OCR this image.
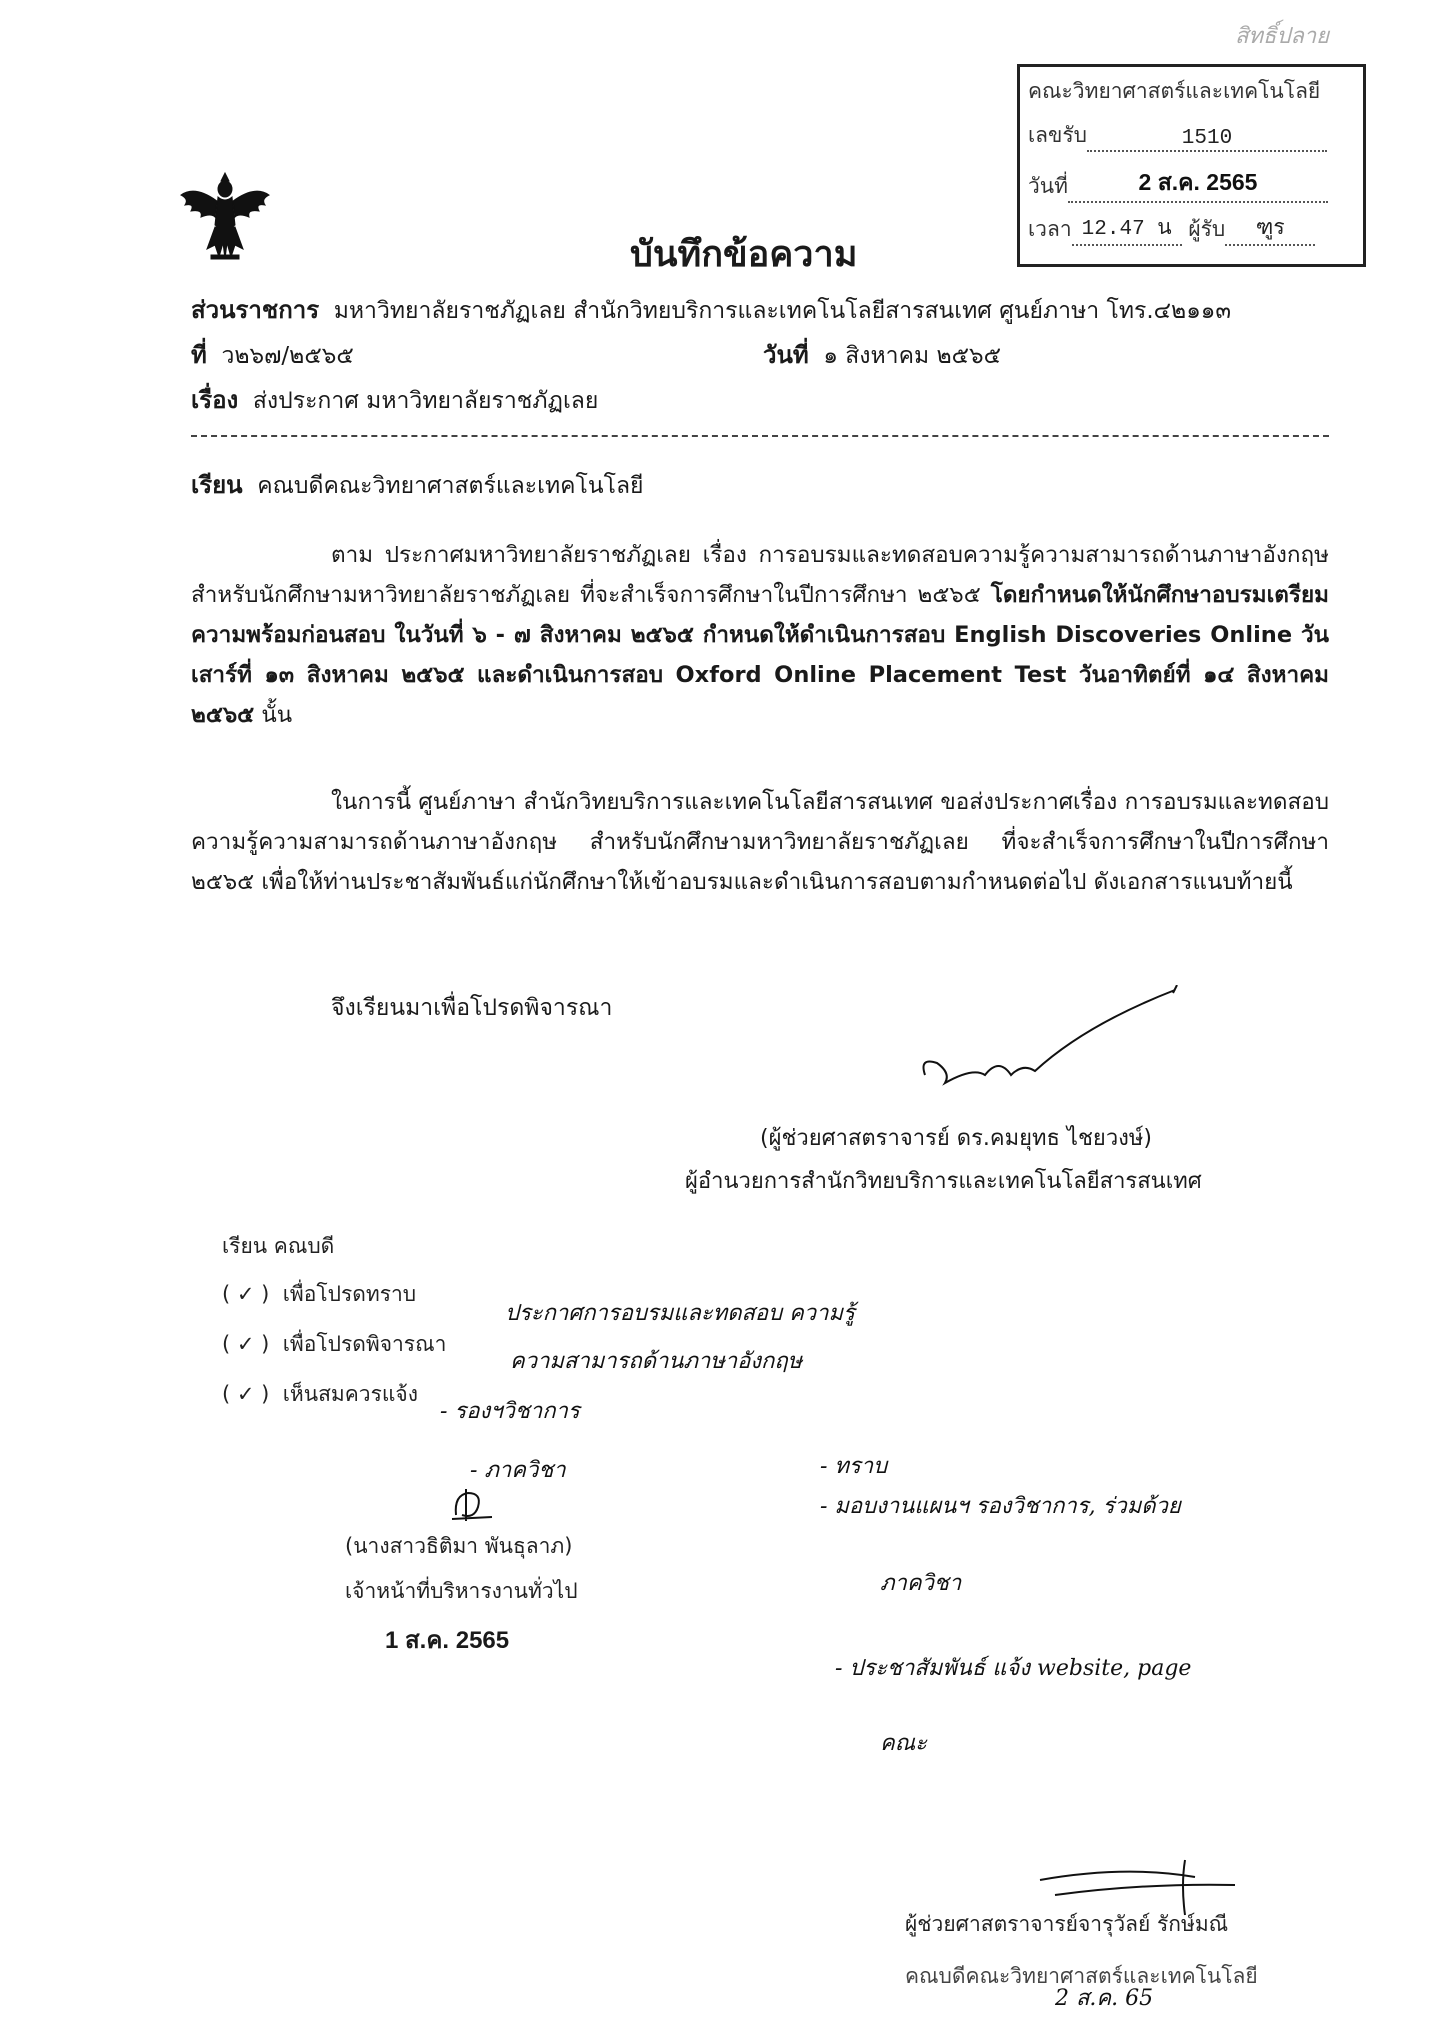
สิทธิ์ปลาย
คณะวิทยาศาสตร์และเทคโนโลยี
เลขรับ	1510
วันที่	2 ส.ค. 2565
เวลา 12.47 น ผู้รับ ฑูร
บันทึกข้อความ
ส่วนราชการ มหาวิทยาลัยราชภัฏเลย สำนักวิทยบริการและเทคโนโลยีสารสนเทศ ศูนย์ภาษา โทร.๔๒๑๑๓
ที่ ว๒๖๗/๒๕๖๕	วันที่ ๑ สิงหาคม ๒๕๖๕
เรื่อง ส่งประกาศ มหาวิทยาลัยราชภัฏเลย
เรียน คณบดีคณะวิทยาศาสตร์และเทคโนโลยี
ตาม ประกาศมหาวิทยาลัยราชภัฏเลย เรื่อง การอบรมและทดสอบความรู้ความสามารถด้านภาษาอังกฤษ สำหรับนักศึกษามหาวิทยาลัยราชภัฏเลย ที่จะสำเร็จการศึกษาในปีการศึกษา ๒๕๖๕ โดยกำหนดให้นักศึกษาอบรมเตรียมความพร้อมก่อนสอบ ในวันที่ ๖ - ๗ สิงหาคม ๒๕๖๕ กำหนดให้ดำเนินการสอบ English Discoveries Online วันเสาร์ที่ ๑๓ สิงหาคม ๒๕๖๕ และดำเนินการสอบ Oxford Online Placement Test วันอาทิตย์ที่ ๑๔ สิงหาคม ๒๕๖๕ นั้น
ในการนี้ ศูนย์ภาษา สำนักวิทยบริการและเทคโนโลยีสารสนเทศ ขอส่งประกาศเรื่อง การอบรมและทดสอบความรู้ความสามารถด้านภาษาอังกฤษ สำหรับนักศึกษามหาวิทยาลัยราชภัฏเลย ที่จะสำเร็จการศึกษาในปีการศึกษา ๒๕๖๕ เพื่อให้ท่านประชาสัมพันธ์แก่นักศึกษาให้เข้าอบรมและดำเนินการสอบตามกำหนดต่อไป ดังเอกสารแนบท้ายนี้
จึงเรียนมาเพื่อโปรดพิจารณา
(ผู้ช่วยศาสตราจารย์ ดร.คมยุทธ ไชยวงษ์)
ผู้อำนวยการสำนักวิทยบริการและเทคโนโลยีสารสนเทศ
เรียน คณบดี
( ✓ ) เพื่อโปรดทราบ
( ✓ ) เพื่อโปรดพิจารณา
( ✓ ) เห็นสมควรแจ้ง
ประกาศการอบรมและทดสอบ ความรู้
ความสามารถด้านภาษาอังกฤษ
- รองฯวิชาการ
- ภาควิชา
(นางสาวธิติมา พันธุลาภ)
เจ้าหน้าที่บริหารงานทั่วไป
1 ส.ค. 2565
- ทราบ
- มอบงานแผนฯ รองวิชาการ, ร่วมด้วย
ภาควิชา
- ประชาสัมพันธ์ แจ้ง website, page
คณะ
ผู้ช่วยศาสตราจารย์จารุวัลย์ รักษ์มณี
คณบดีคณะวิทยาศาสตร์และเทคโนโลยี
2 ส.ค. 65
